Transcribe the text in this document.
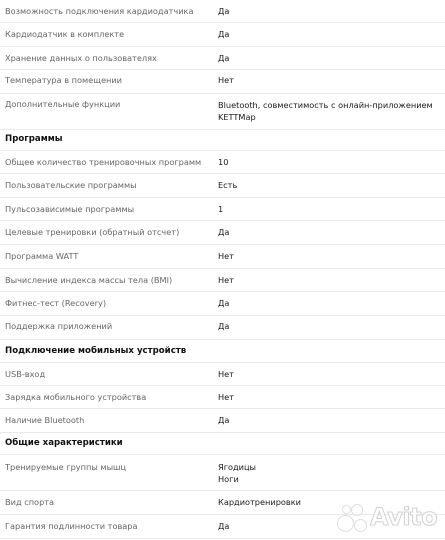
Возможность подключения кардиодатчика	Да
Кардиодатчик в комплекте	Да
Хранение данных о пользователях	Да
Температура в помещении	Нет
Дополнительные функции	Bluetooth, совместимость с онлайн-приложением
KETTMap
Программы
Общее количество тренировочных программ	10
Пользовательские программы	Есть
Пульсозависимые программы	1
Целевые тренировки (обратный отсчет)	Да
Программа WATT	Нет
Вычисление индекса массы тела (BMI)	Нет
Фитнес-тест (Recovery)	Да
Поддержка приложений	Да
Подключение мобильных устройств
USB-вход	Нет
Зарядка мобильного устройства	Нет
Наличие Bluetooth	Да
Общие характеристики
Тренируемые группы мышц	Ягодицы
Ноги
Вид спорта	Кардиотренировки
Гарантия подлинности товара	Да	Avito
